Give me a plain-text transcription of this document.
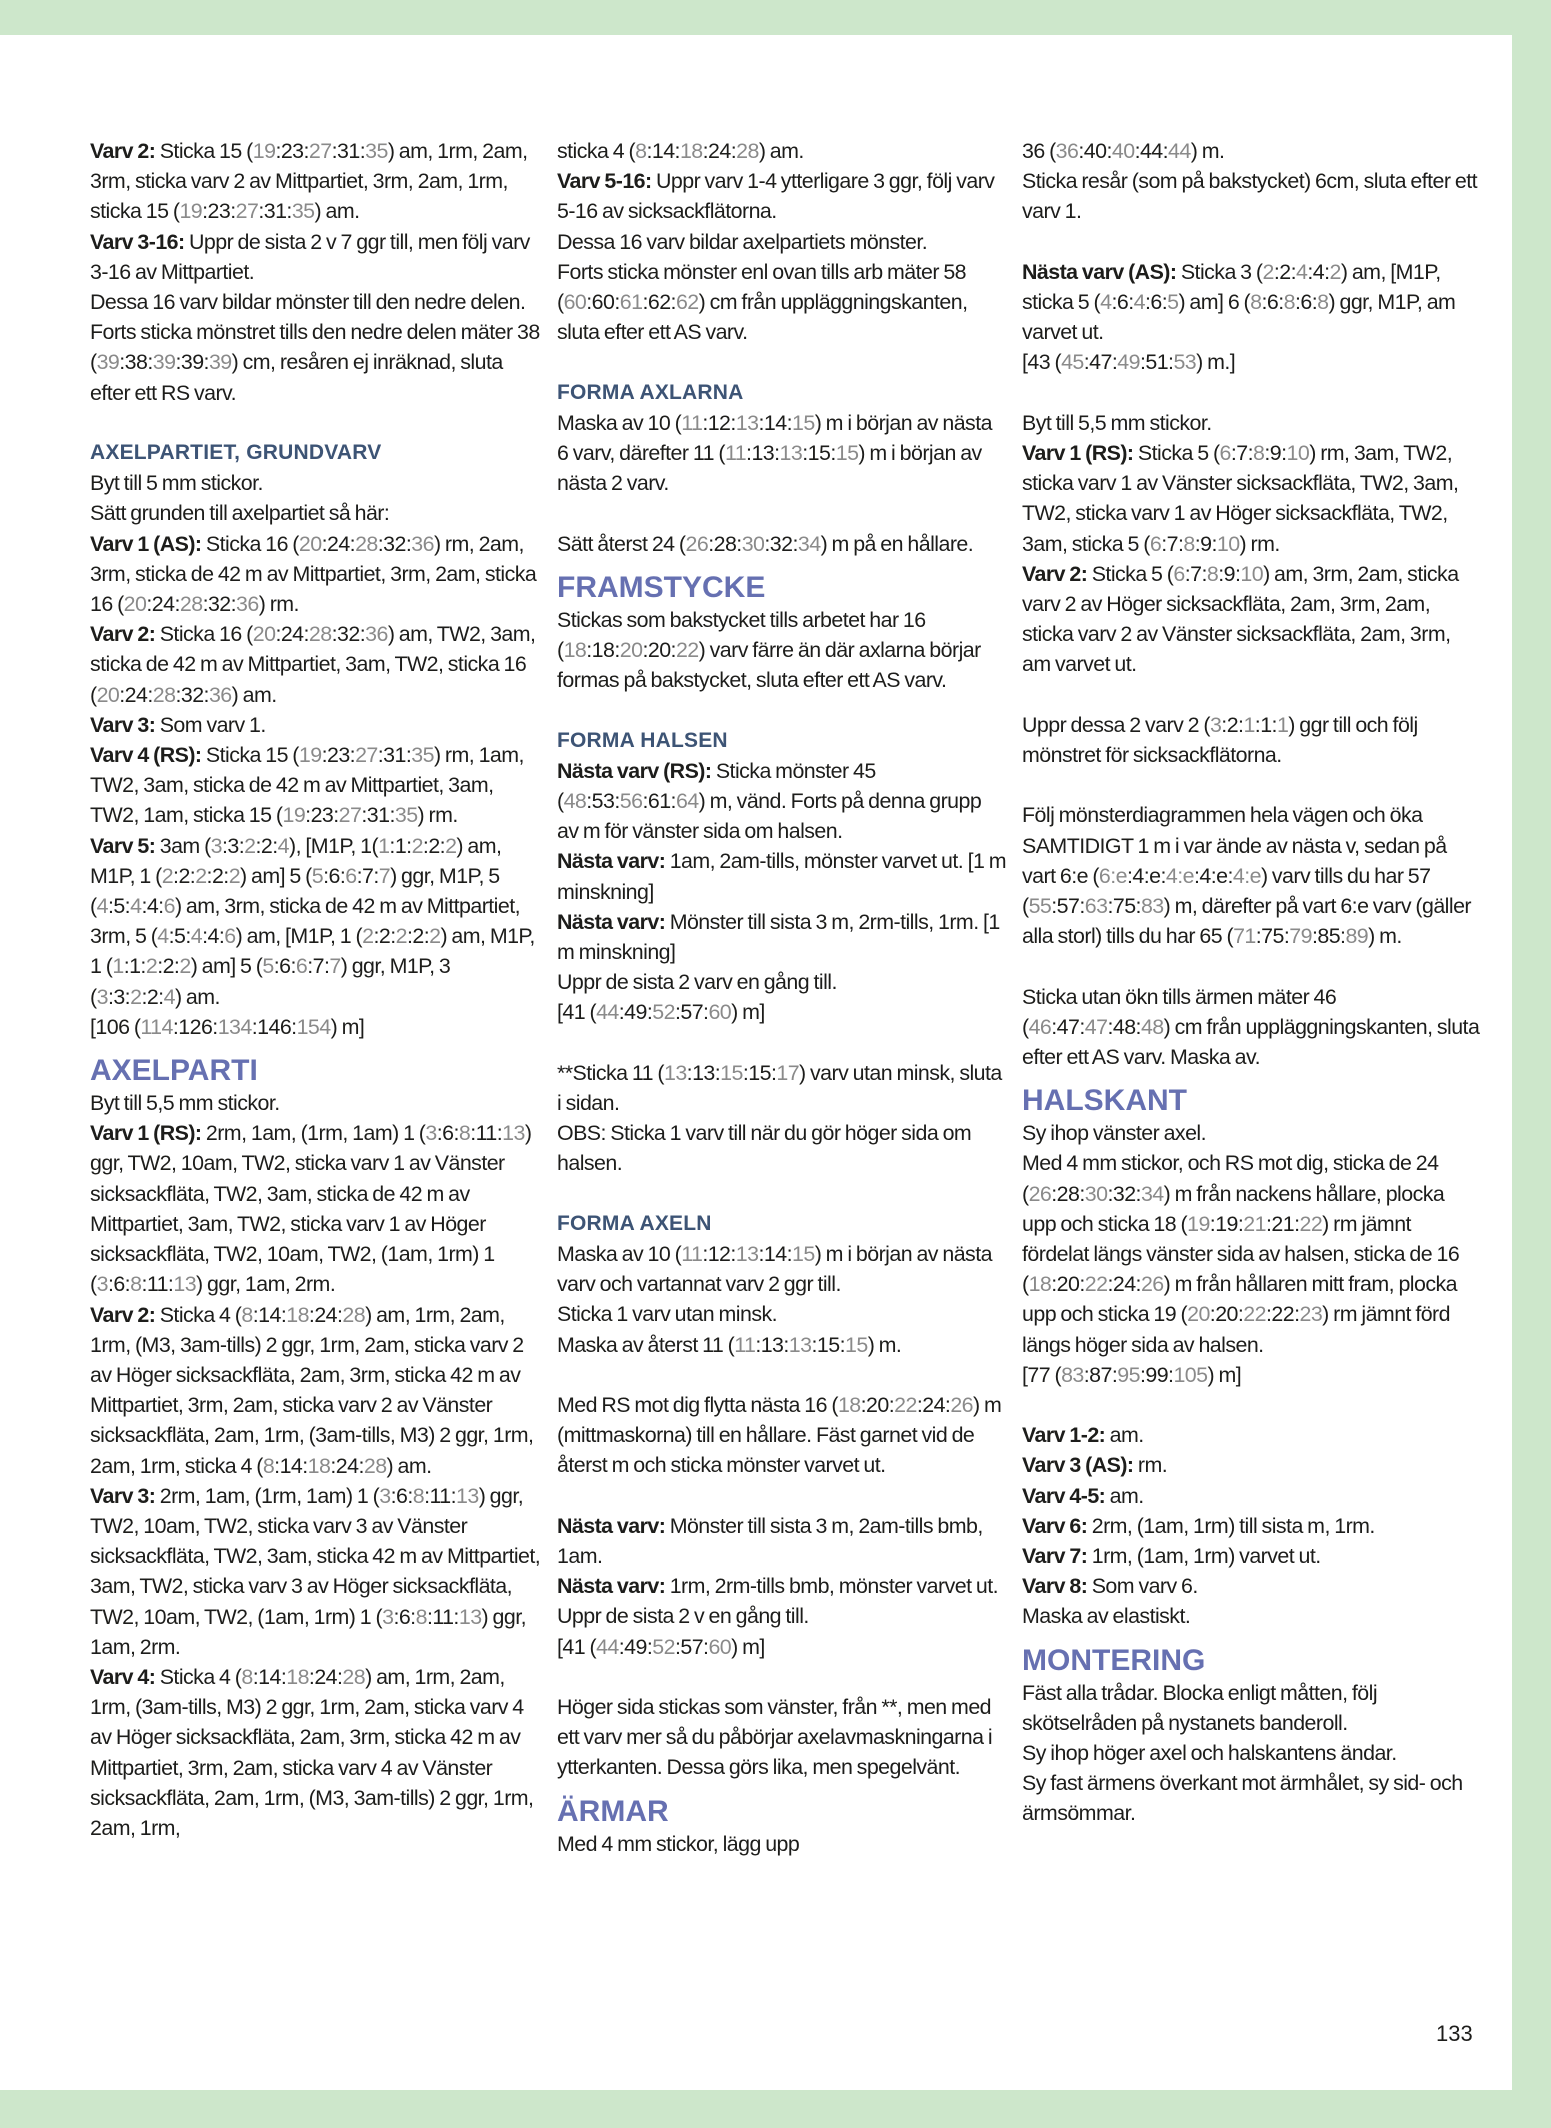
Varv 2: Sticka 15 (19:23:27:31:35) am, 1rm, 2am, 3rm, sticka varv 2 av Mittpartiet, 3rm, 2am, 1rm, sticka 15 (19:23:27:31:35) am.

Varv 3-16: Uppr de sista 2 v 7 ggr till, men följ varv 3-16 av Mittpartiet.

Dessa 16 varv bildar mönster till den nedre delen.

Forts sticka mönstret tills den nedre delen mäter 38 (39:38:39:39:39) cm, resåren ej inräknad, sluta efter ett RS varv.

AXELPARTIET, GRUNDVARV

Byt till 5 mm stickor.

Sätt grunden till axelpartiet så här:

Varv 1 (AS): Sticka 16 (20:24:28:32:36) rm, 2am, 3rm, sticka de 42 m av Mittpartiet, 3rm, 2am, sticka 16 (20:24:28:32:36) rm.

Varv 2: Sticka 16 (20:24:28:32:36) am, TW2, 3am, sticka de 42 m av Mittpartiet, 3am, TW2, sticka 16 (20:24:28:32:36) am.

Varv 3: Som varv 1.

Varv 4 (RS): Sticka 15 (19:23:27:31:35) rm, 1am, TW2, 3am, sticka de 42 m av Mittpartiet, 3am, TW2, 1am, sticka 15 (19:23:27:31:35) rm.

Varv 5: 3am (3:3:2:2:4), [M1P, 1(1:1:2:2:2) am, M1P, 1 (2:2:2:2:2) am] 5 (5:6:6:7:7) ggr, M1P, 5 (4:5:4:4:6) am, 3rm, sticka de 42 m av Mittpartiet, 3rm, 5 (4:5:4:4:6) am, [M1P, 1 (2:2:2:2:2) am, M1P, 1 (1:1:2:2:2) am] 5 (5:6:6:7:7) ggr, M1P, 3 (3:3:2:2:4) am.

[106 (114:126:134:146:154) m]

AXELPARTI

Byt till 5,5 mm stickor.

Varv 1 (RS): 2rm, 1am, (1rm, 1am) 1 (3:6:8:11:13) ggr, TW2, 10am, TW2, sticka varv 1 av Vänster sicksackfläta, TW2, 3am, sticka de 42 m av Mittpartiet, 3am, TW2, sticka varv 1 av Höger sicksackfläta, TW2, 10am, TW2, (1am, 1rm) 1 (3:6:8:11:13) ggr, 1am, 2rm.

Varv 2: Sticka 4 (8:14:18:24:28) am, 1rm, 2am, 1rm, (M3, 3am-tills) 2 ggr, 1rm, 2am, sticka varv 2 av Höger sicksackfläta, 2am, 3rm, sticka 42 m av Mittpartiet, 3rm, 2am, sticka varv 2 av Vänster sicksackfläta, 2am, 1rm, (3am-tills, M3) 2 ggr, 1rm, 2am, 1rm, sticka 4 (8:14:18:24:28) am.

Varv 3: 2rm, 1am, (1rm, 1am) 1 (3:6:8:11:13) ggr, TW2, 10am, TW2, sticka varv 3 av Vänster sicksackfläta, TW2, 3am, sticka 42 m av Mittpartiet, 3am, TW2, sticka varv 3 av Höger sicksackfläta, TW2, 10am, TW2, (1am, 1rm) 1 (3:6:8:11:13) ggr, 1am, 2rm.

Varv 4: Sticka 4 (8:14:18:24:28) am, 1rm, 2am, 1rm, (3am-tills, M3) 2 ggr, 1rm, 2am, sticka varv 4 av Höger sicksackfläta, 2am, 3rm, sticka 42 m av Mittpartiet, 3rm, 2am, sticka varv 4 av Vänster sicksackfläta, 2am, 1rm, (M3, 3am-tills) 2 ggr, 1rm, 2am, 1rm,

sticka 4 (8:14:18:24:28) am.

Varv 5-16: Uppr varv 1-4 ytterligare 3 ggr, följ varv 5-16 av sicksackflätorna.

Dessa 16 varv bildar axelpartiets mönster.

Forts sticka mönster enl ovan tills arb mäter 58 (60:60:61:62:62) cm från uppläggningskanten, sluta efter ett AS varv.

FORMA AXLARNA

Maska av 10 (11:12:13:14:15) m i början av nästa 6 varv, därefter 11 (11:13:13:15:15) m i början av nästa 2 varv.

Sätt återst 24 (26:28:30:32:34) m på en hållare.

FRAMSTYCKE

Stickas som bakstycket tills arbetet har 16 (18:18:20:20:22) varv färre än där axlarna börjar formas på bakstycket, sluta efter ett AS varv.

FORMA HALSEN

Nästa varv (RS): Sticka mönster 45 (48:53:56:61:64) m, vänd. Forts på denna grupp av m för vänster sida om halsen.

Nästa varv: 1am, 2am-tills, mönster varvet ut. [1 m minskning]

Nästa varv: Mönster till sista 3 m, 2rm-tills, 1rm. [1 m minskning]

Uppr de sista 2 varv en gång till.

[41 (44:49:52:57:60) m]

**Sticka 11 (13:13:15:15:17) varv utan minsk, sluta i sidan.

OBS: Sticka 1 varv till när du gör höger sida om halsen.

FORMA AXELN

Maska av 10 (11:12:13:14:15) m i början av nästa varv och vartannat varv 2 ggr till.

Sticka 1 varv utan minsk.

Maska av återst 11 (11:13:13:15:15) m.

Med RS mot dig flytta nästa 16 (18:20:22:24:26) m (mittmaskorna) till en hållare. Fäst garnet vid de återst m och sticka mönster varvet ut.

Nästa varv: Mönster till sista 3 m, 2am-tills bmb, 1am.

Nästa varv: 1rm, 2rm-tills bmb, mönster varvet ut. Uppr de sista 2 v en gång till.

[41 (44:49:52:57:60) m]

Höger sida stickas som vänster, från **, men med ett varv mer så du påbörjar axelavmaskningarna i ytterkanten. Dessa görs lika, men spegelvänt.

ÄRMAR

Med 4 mm stickor, lägg upp

36 (36:40:40:44:44) m.

Sticka resår (som på bakstycket) 6cm, sluta efter ett varv 1.

Nästa varv (AS): Sticka 3 (2:2:4:4:2) am, [M1P, sticka 5 (4:6:4:6:5) am] 6 (8:6:8:6:8) ggr, M1P, am varvet ut.

[43 (45:47:49:51:53) m.]

Byt till 5,5 mm stickor.

Varv 1 (RS): Sticka 5 (6:7:8:9:10) rm, 3am, TW2, sticka varv 1 av Vänster sicksackfläta, TW2, 3am, TW2, sticka varv 1 av Höger sicksackfläta, TW2, 3am, sticka 5 (6:7:8:9:10) rm.

Varv 2: Sticka 5 (6:7:8:9:10) am, 3rm, 2am, sticka varv 2 av Höger sicksackfläta, 2am, 3rm, 2am, sticka varv 2 av Vänster sicksackfläta, 2am, 3rm, am varvet ut.

Uppr dessa 2 varv 2 (3:2:1:1:1) ggr till och följ mönstret för sicksackflätorna.

Följ mönsterdiagrammen hela vägen och öka SAMTIDIGT 1 m i var ände av nästa v, sedan på vart 6:e (6:e:4:e:4:e:4:e:4:e) varv tills du har 57 (55:57:63:75:83) m, därefter på vart 6:e varv (gäller alla storl) tills du har 65 (71:75:79:85:89) m.

Sticka utan ökn tills ärmen mäter 46 (46:47:47:48:48) cm från uppläggningskanten, sluta efter ett AS varv. Maska av.

HALSKANT

Sy ihop vänster axel.

Med 4 mm stickor, och RS mot dig, sticka de 24 (26:28:30:32:34) m från nackens hållare, plocka upp och sticka 18 (19:19:21:21:22) rm jämnt fördelat längs vänster sida av halsen, sticka de 16 (18:20:22:24:26) m från hållaren mitt fram, plocka upp och sticka 19 (20:20:22:22:23) rm jämnt förd längs höger sida av halsen.

[77 (83:87:95:99:105) m]

Varv 1-2: am.

Varv 3 (AS): rm.

Varv 4-5: am.

Varv 6: 2rm, (1am, 1rm) till sista m, 1rm.

Varv 7: 1rm, (1am, 1rm) varvet ut.

Varv 8: Som varv 6.

Maska av elastiskt.

MONTERING

Fäst alla trådar. Blocka enligt måtten, följ skötselråden på nystanets banderoll.

Sy ihop höger axel och halskantens ändar.

Sy fast ärmens överkant mot ärmhålet, sy sid- och ärmsömmar.

133
